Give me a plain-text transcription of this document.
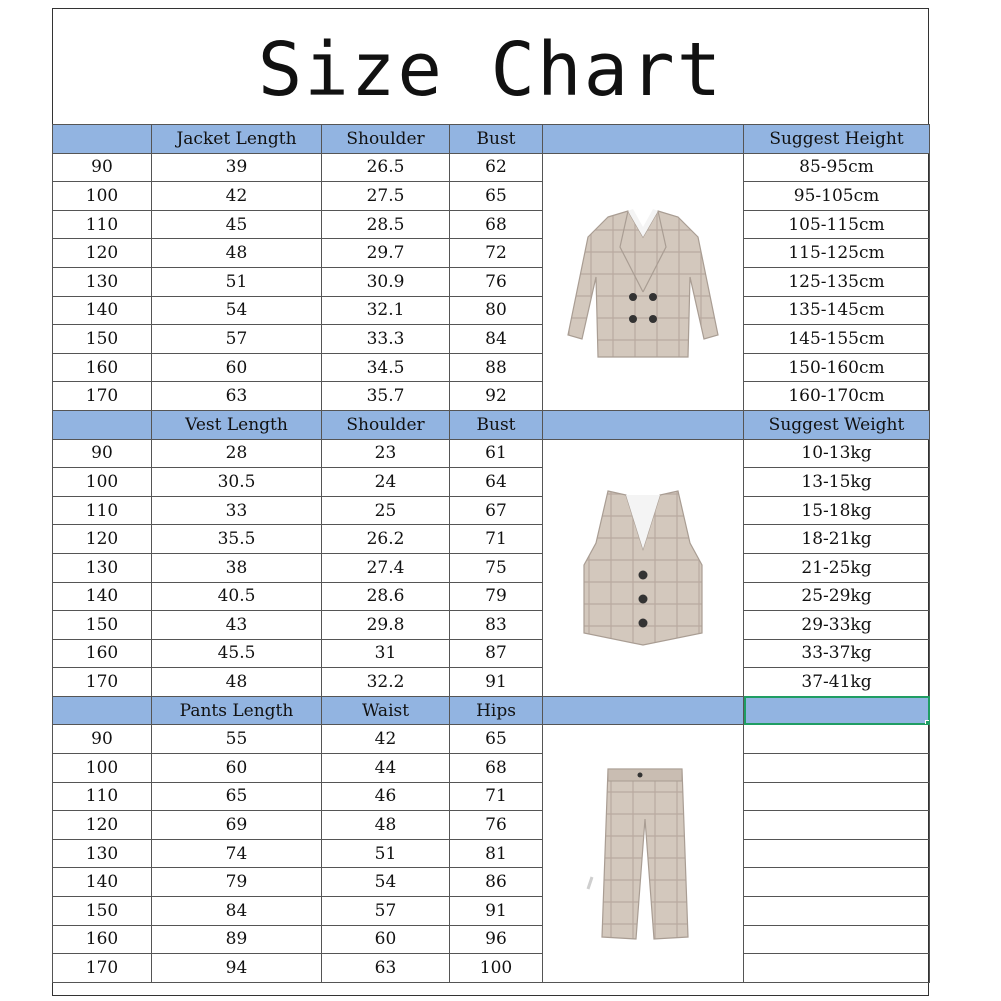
Size Chart
	Jacket Length	Shoulder	Bust		Suggest Height
90	39	26.5	62		85-95cm
100	42	27.5	65		95-105cm
110	45	28.5	68		105-115cm
120	48	29.7	72		115-125cm
130	51	30.9	76		125-135cm
140	54	32.1	80		135-145cm
150	57	33.3	84		145-155cm
160	60	34.5	88		150-160cm
170	63	35.7	92		160-170cm
	Vest Length	Shoulder	Bust		Suggest Weight
90	28	23	61		10-13kg
100	30.5	24	64		13-15kg
110	33	25	67		15-18kg
120	35.5	26.2	71		18-21kg
130	38	27.4	75		21-25kg
140	40.5	28.6	79		25-29kg
150	43	29.8	83		29-33kg
160	45.5	31	87		33-37kg
170	48	32.2	91		37-41kg
	Pants Length	Waist	Hips		

90	55	42	65	

100	60	44	68		
110	65	46	71		
120	69	48	76		
130	74	51	81		
140	79	54	86		
150	84	57	91		
160	89	60	96		
170	94	63	100		
